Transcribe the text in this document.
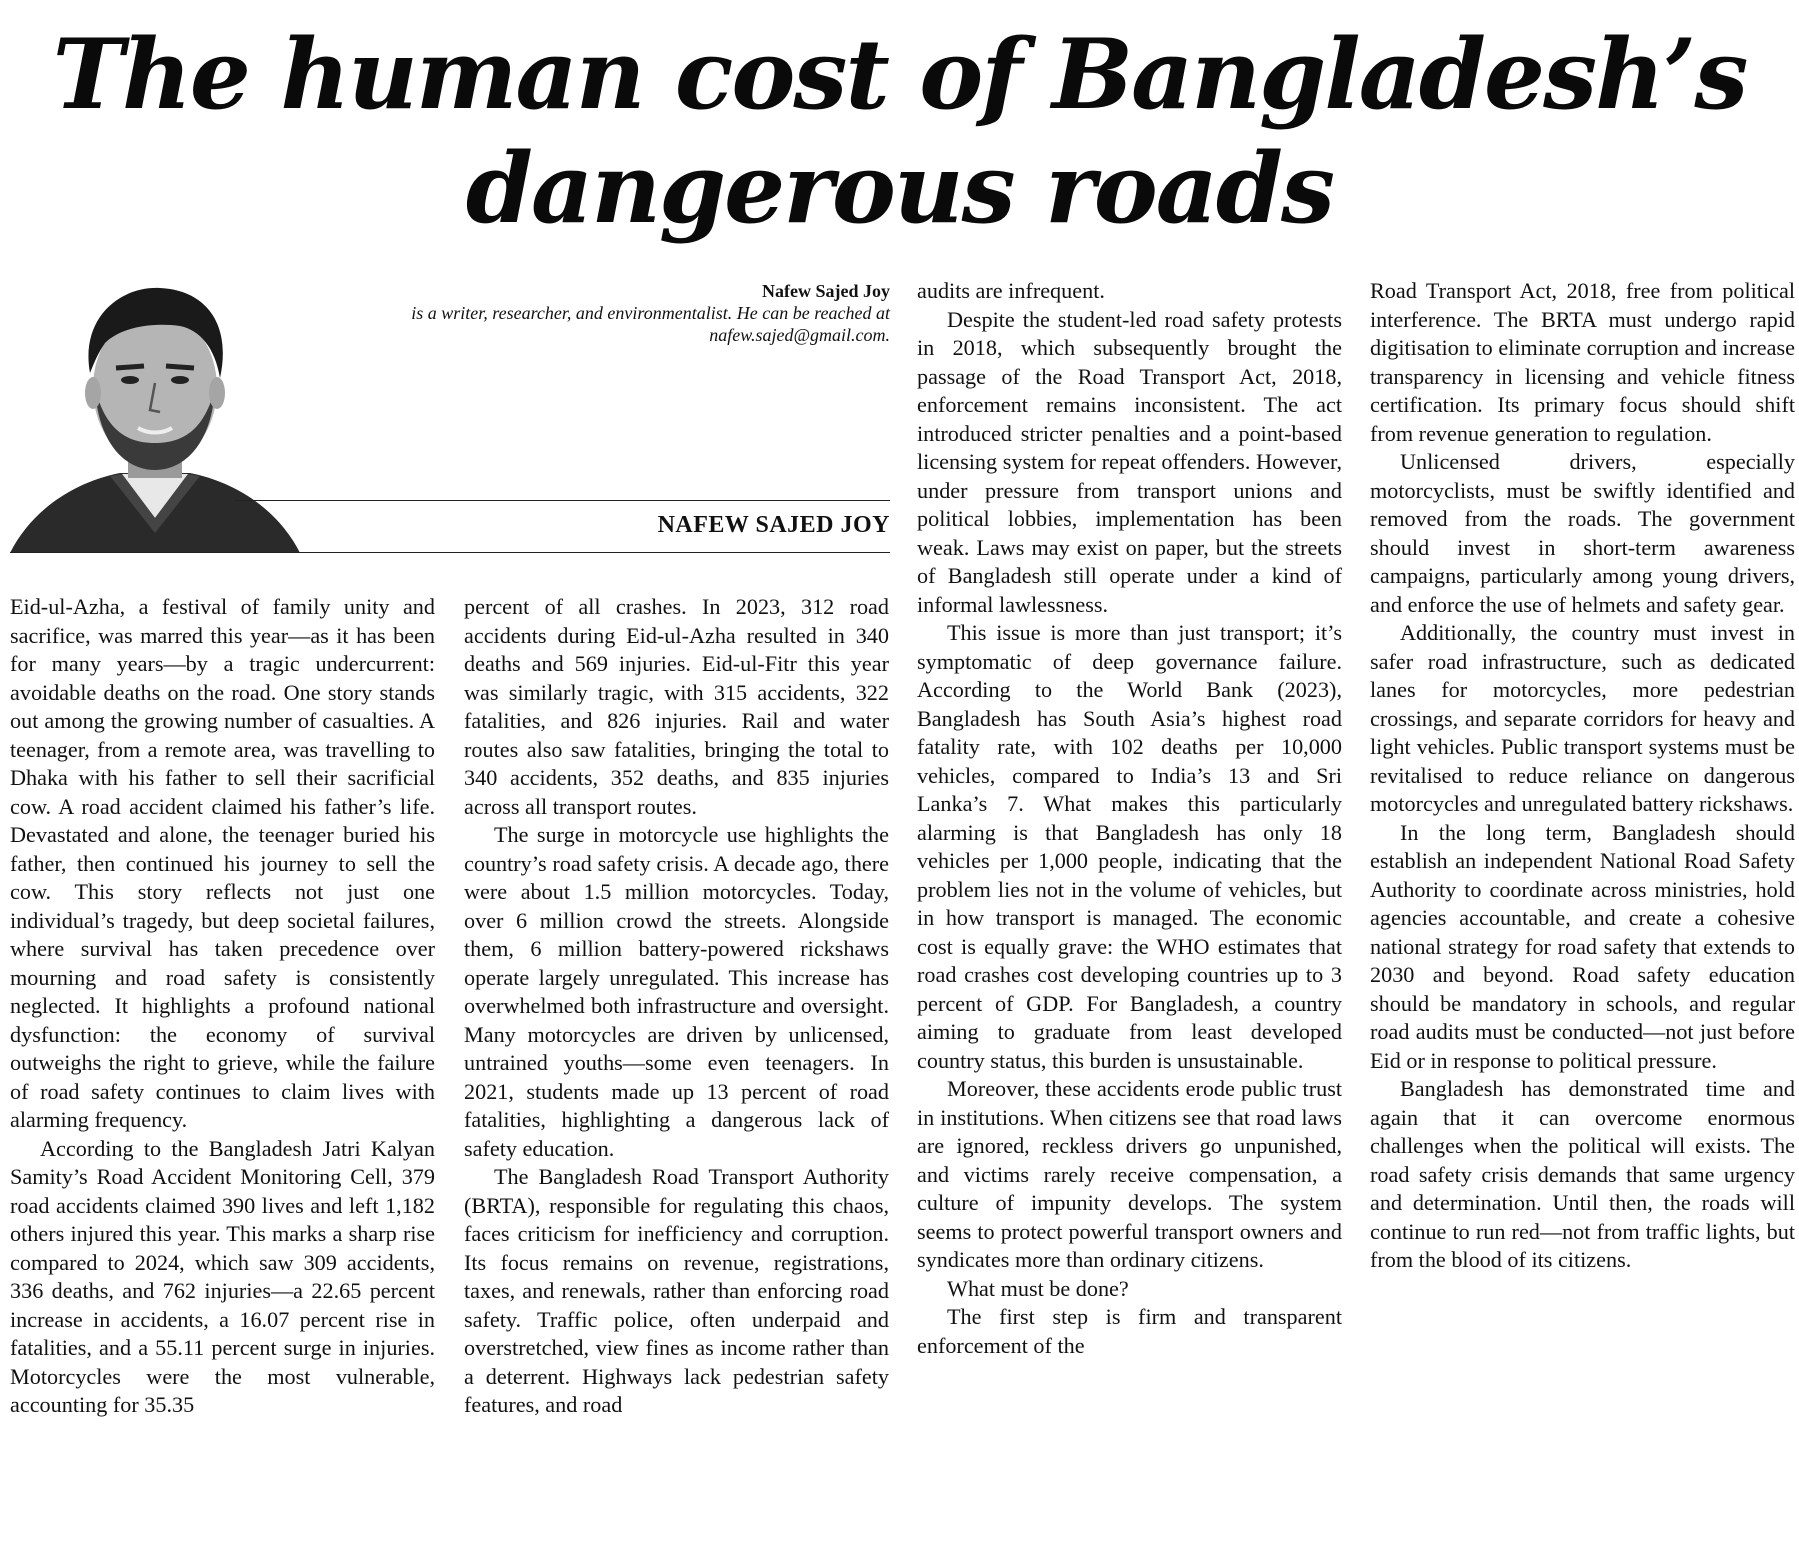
The human cost of Bangladesh’s dangerous roads
Nafew Sajed Joy
is a writer, researcher, and environmentalist. He can be reached at nafew.sajed@gmail.com.
NAFEW SAJED JOY

Eid-ul-Azha, a festival of family unity and sacrifice, was marred this year—as it has been for many years—by a tragic undercurrent: avoidable deaths on the road. One story stands out among the growing number of casualties. A teenager, from a remote area, was travelling to Dhaka with his father to sell their sacrificial cow. A road accident claimed his father’s life. Devastated and alone, the teenager buried his father, then continued his journey to sell the cow. This story reflects not just one individual’s tragedy, but deep societal failures, where survival has taken precedence over mourning and road safety is consistently neglected. It highlights a profound national dysfunction: the economy of survival outweighs the right to grieve, while the failure of road safety continues to claim lives with alarming frequency.

According to the Bangladesh Jatri Kalyan Samity’s Road Accident Monitoring Cell, 379 road accidents claimed 390 lives and left 1,182 others injured this year. This marks a sharp rise compared to 2024, which saw 309 accidents, 336 deaths, and 762 injuries—a 22.65 percent increase in accidents, a 16.07 percent rise in fatalities, and a 55.11 percent surge in injuries. Motorcycles were the most vulnerable, accounting for 35.35

percent of all crashes. In 2023, 312 road accidents during Eid-ul-Azha resulted in 340 deaths and 569 injuries. Eid-ul-Fitr this year was similarly tragic, with 315 accidents, 322 fatalities, and 826 injuries. Rail and water routes also saw fatalities, bringing the total to 340 accidents, 352 deaths, and 835 injuries across all transport routes.

The surge in motorcycle use highlights the country’s road safety crisis. A decade ago, there were about 1.5 million motorcycles. Today, over 6 million crowd the streets. Alongside them, 6 million battery-powered rickshaws operate largely unregulated. This increase has overwhelmed both infrastructure and oversight. Many motorcycles are driven by unlicensed, untrained youths—some even teenagers. In 2021, students made up 13 percent of road fatalities, highlighting a dangerous lack of safety education.

The Bangladesh Road Transport Authority (BRTA), responsible for regulating this chaos, faces criticism for inefficiency and corruption. Its focus remains on revenue, registrations, taxes, and renewals, rather than enforcing road safety. Traffic police, often underpaid and overstretched, view fines as income rather than a deterrent. Highways lack pedestrian safety features, and road

audits are infrequent.

Despite the student-led road safety protests in 2018, which subsequently brought the passage of the Road Transport Act, 2018, enforcement remains inconsistent. The act introduced stricter penalties and a point-based licensing system for repeat offenders. However, under pressure from transport unions and political lobbies, implementation has been weak. Laws may exist on paper, but the streets of Bangladesh still operate under a kind of informal lawlessness.

This issue is more than just transport; it’s symptomatic of deep governance failure. According to the World Bank (2023), Bangladesh has South Asia’s highest road fatality rate, with 102 deaths per 10,000 vehicles, compared to India’s 13 and Sri Lanka’s 7. What makes this particularly alarming is that Bangladesh has only 18 vehicles per 1,000 people, indicating that the problem lies not in the volume of vehicles, but in how transport is managed. The economic cost is equally grave: the WHO estimates that road crashes cost developing countries up to 3 percent of GDP. For Bangladesh, a country aiming to graduate from least developed country status, this burden is unsustainable.

Moreover, these accidents erode public trust in institutions. When citizens see that road laws are ignored, reckless drivers go unpunished, and victims rarely receive compensation, a culture of impunity develops. The system seems to protect powerful transport owners and syndicates more than ordinary citizens.

What must be done?

The first step is firm and transparent enforcement of the

Road Transport Act, 2018, free from political interference. The BRTA must undergo rapid digitisation to eliminate corruption and increase transparency in licensing and vehicle fitness certification. Its primary focus should shift from revenue generation to regulation.

Unlicensed drivers, especially motorcyclists, must be swiftly identified and removed from the roads. The government should invest in short-term awareness campaigns, particularly among young drivers, and enforce the use of helmets and safety gear.

Additionally, the country must invest in safer road infrastructure, such as dedicated lanes for motorcycles, more pedestrian crossings, and separate corridors for heavy and light vehicles. Public transport systems must be revitalised to reduce reliance on dangerous motorcycles and unregulated battery rickshaws.

In the long term, Bangladesh should establish an independent National Road Safety Authority to coordinate across ministries, hold agencies accountable, and create a cohesive national strategy for road safety that extends to 2030 and beyond. Road safety education should be mandatory in schools, and regular road audits must be conducted—not just before Eid or in response to political pressure.

Bangladesh has demonstrated time and again that it can overcome enormous challenges when the political will exists. The road safety crisis demands that same urgency and determination. Until then, the roads will continue to run red—not from traffic lights, but from the blood of its citizens.
